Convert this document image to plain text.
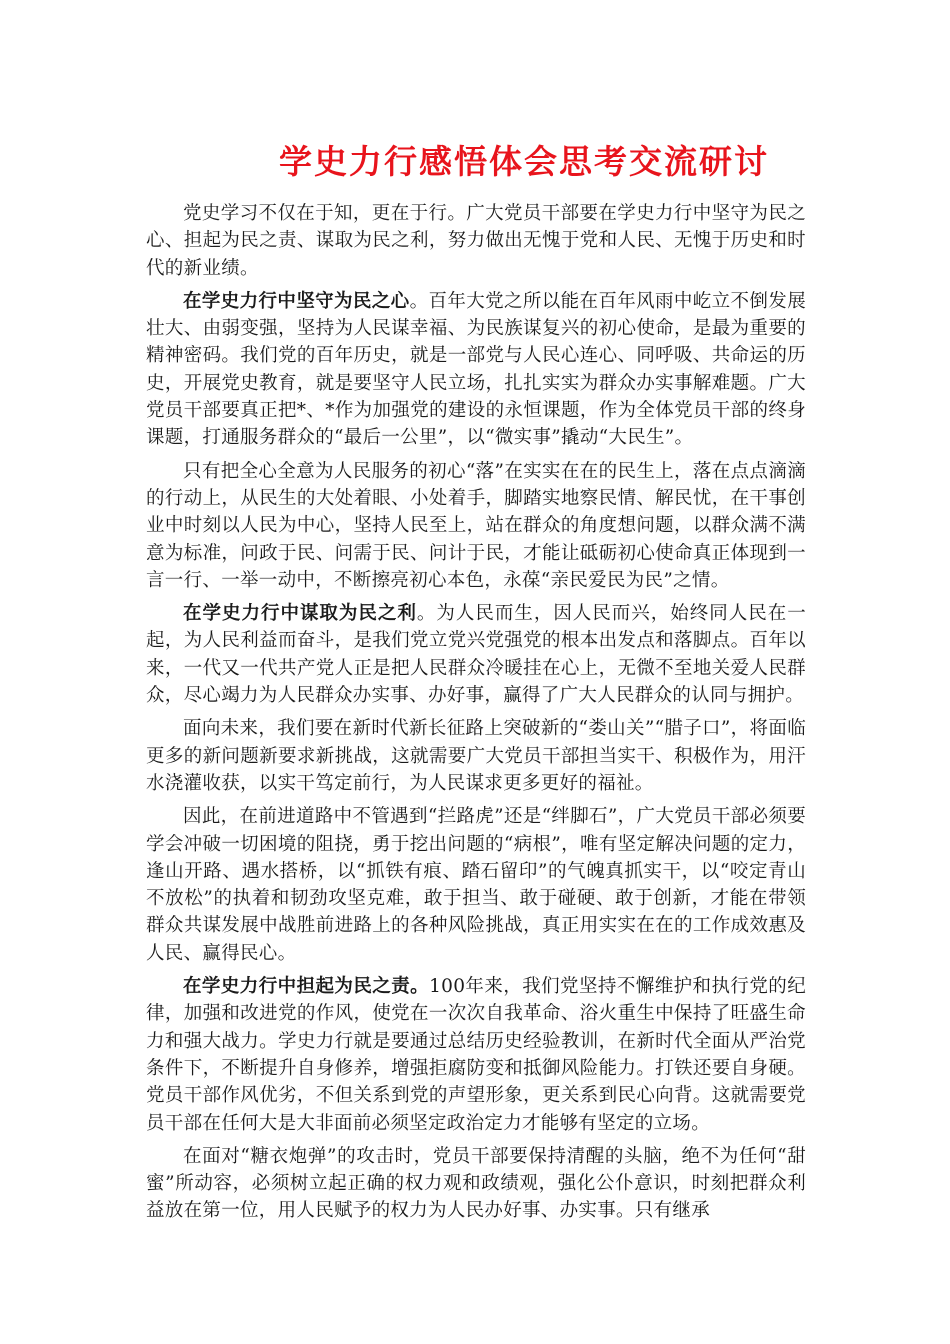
学史力行感悟体会思考交流研讨

党史学习不仅在于知，更在于行。广大党员干部要在学史力行中坚守为民之心、担起为民之责、谋取为民之利，努力做出无愧于党和人民、无愧于历史和时代的新业绩。

在学史力行中坚守为民之心。百年大党之所以能在百年风雨中屹立不倒发展壮大、由弱变强，坚持为人民谋幸福、为民族谋复兴的初心使命，是最为重要的精神密码。我们党的百年历史，就是一部党与人民心连心、同呼吸、共命运的历史，开展党史教育，就是要坚守人民立场，扎扎实实为群众办实事解难题。广大党员干部要真正把*、*作为加强党的建设的永恒课题，作为全体党员干部的终身课题，打通服务群众的“最后一公里”，以“微实事”撬动“大民生”。

只有把全心全意为人民服务的初心“落”在实实在在的民生上，落在点点滴滴的行动上，从民生的大处着眼、小处着手，脚踏实地察民情、解民忧，在干事创业中时刻以人民为中心，坚持人民至上，站在群众的角度想问题，以群众满不满意为标准，问政于民、问需于民、问计于民，才能让砥砺初心使命真正体现到一言一行、一举一动中，不断擦亮初心本色，永葆“亲民爱民为民”之情。

在学史力行中谋取为民之利。为人民而生，因人民而兴，始终同人民在一起，为人民利益而奋斗，是我们党立党兴党强党的根本出发点和落脚点。百年以来，一代又一代共产党人正是把人民群众冷暖挂在心上，无微不至地关爱人民群众，尽心竭力为人民群众办实事、办好事，赢得了广大人民群众的认同与拥护。

面向未来，我们要在新时代新长征路上突破新的“娄山关”“腊子口”，将面临更多的新问题新要求新挑战，这就需要广大党员干部担当实干、积极作为，用汗水浇灌收获，以实干笃定前行，为人民谋求更多更好的福祉。

因此，在前进道路中不管遇到“拦路虎”还是“绊脚石”，广大党员干部必须要学会冲破一切困境的阻挠，勇于挖出问题的“病根”，唯有坚定解决问题的定力，逢山开路、遇水搭桥，以“抓铁有痕、踏石留印”的气魄真抓实干，以“咬定青山不放松”的执着和韧劲攻坚克难，敢于担当、敢于碰硬、敢于创新，才能在带领群众共谋发展中战胜前进路上的各种风险挑战，真正用实实在在的工作成效惠及人民、赢得民心。

在学史力行中担起为民之责。100年来，我们党坚持不懈维护和执行党的纪律，加强和改进党的作风，使党在一次次自我革命、浴火重生中保持了旺盛生命力和强大战力。学史力行就是要通过总结历史经验教训，在新时代全面从严治党条件下，不断提升自身修养，增强拒腐防变和抵御风险能力。打铁还要自身硬。党员干部作风优劣，不但关系到党的声望形象，更关系到民心向背。这就需要党员干部在任何大是大非面前必须坚定政治定力才能够有坚定的立场。

在面对“糖衣炮弹”的攻击时，党员干部要保持清醒的头脑，绝不为任何“甜蜜”所动容，必须树立起正确的权力观和政绩观，强化公仆意识，时刻把群众利益放在第一位，用人民赋予的权力为人民办好事、办实事。只有继承
